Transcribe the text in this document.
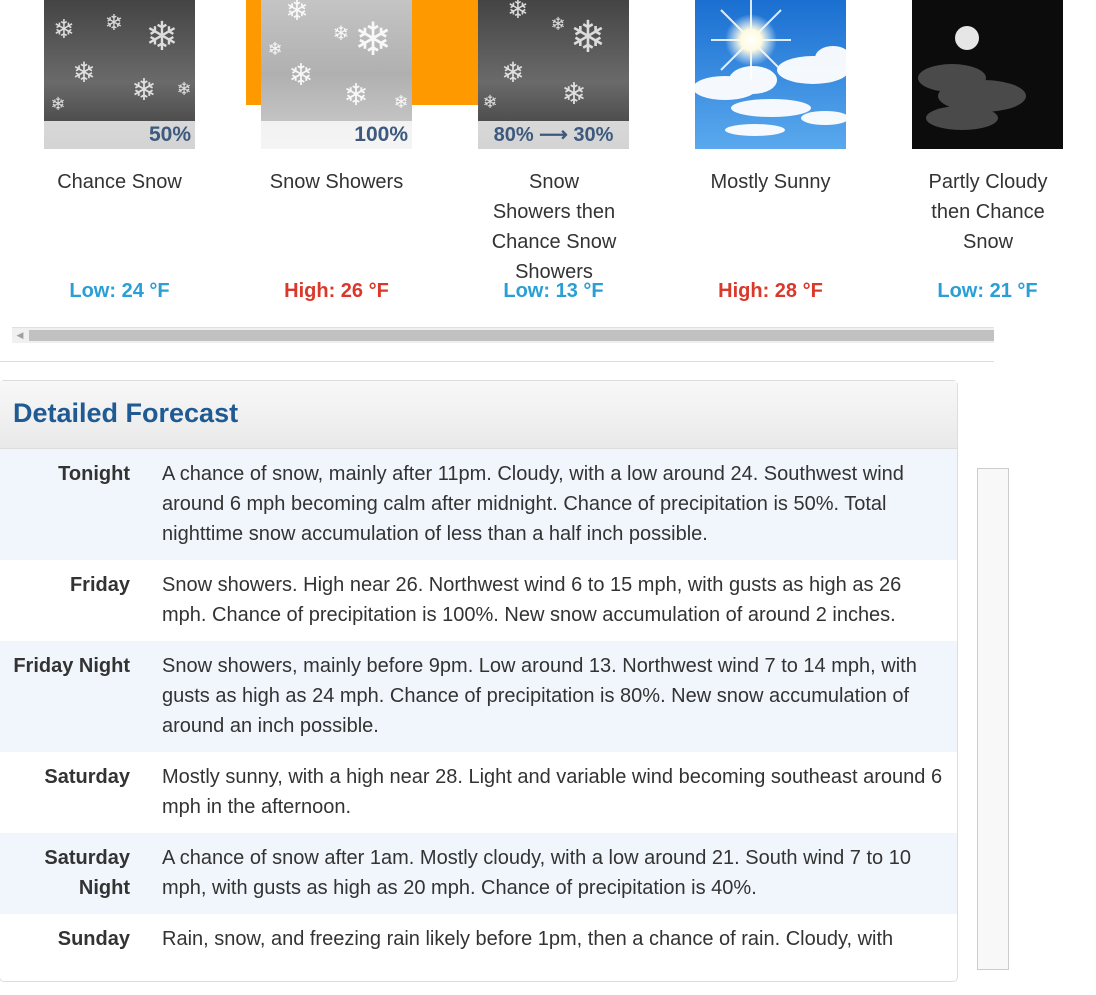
❄ ❄ ❄
❄
❄
❄
❄
50%
Chance Snow
Low: 24 °F
❄
❄
❄
❄
❄
❄ ❄
100%
Snow Showers
High: 26 °F
❄
❄
❄
❄
❄
❄
80% ⟶ 30%
Snow Showers then Chance Snow Showers
Low: 13 °F
Mostly Sunny
High: 28 °F
Partly Cloudy then Chance Snow
Low: 21 °F
◀
Detailed Forecast
Tonight A chance of snow, mainly after 11pm. Cloudy, with a low around 24. Southwest wind around 6 mph becoming calm after midnight. Chance of precipitation is 50%. Total nighttime snow accumulation of less than a half inch possible.
Friday Snow showers. High near 26. Northwest wind 6 to 15 mph, with gusts as high as 26 mph. Chance of precipitation is 100%. New snow accumulation of around 2 inches.
Friday Night Snow showers, mainly before 9pm. Low around 13. Northwest wind 7 to 14 mph, with gusts as high as 24 mph. Chance of precipitation is 80%. New snow accumulation of around an inch possible.
Saturday Mostly sunny, with a high near 28. Light and variable wind becoming southeast around 6 mph in the afternoon.
Saturday Night
A chance of snow after 1am. Mostly cloudy, with a low around 21. South wind 7 to 10 mph, with gusts as high as 20 mph. Chance of precipitation is 40%.
Sunday Rain, snow, and freezing rain likely before 1pm, then a chance of rain. Cloudy, with
